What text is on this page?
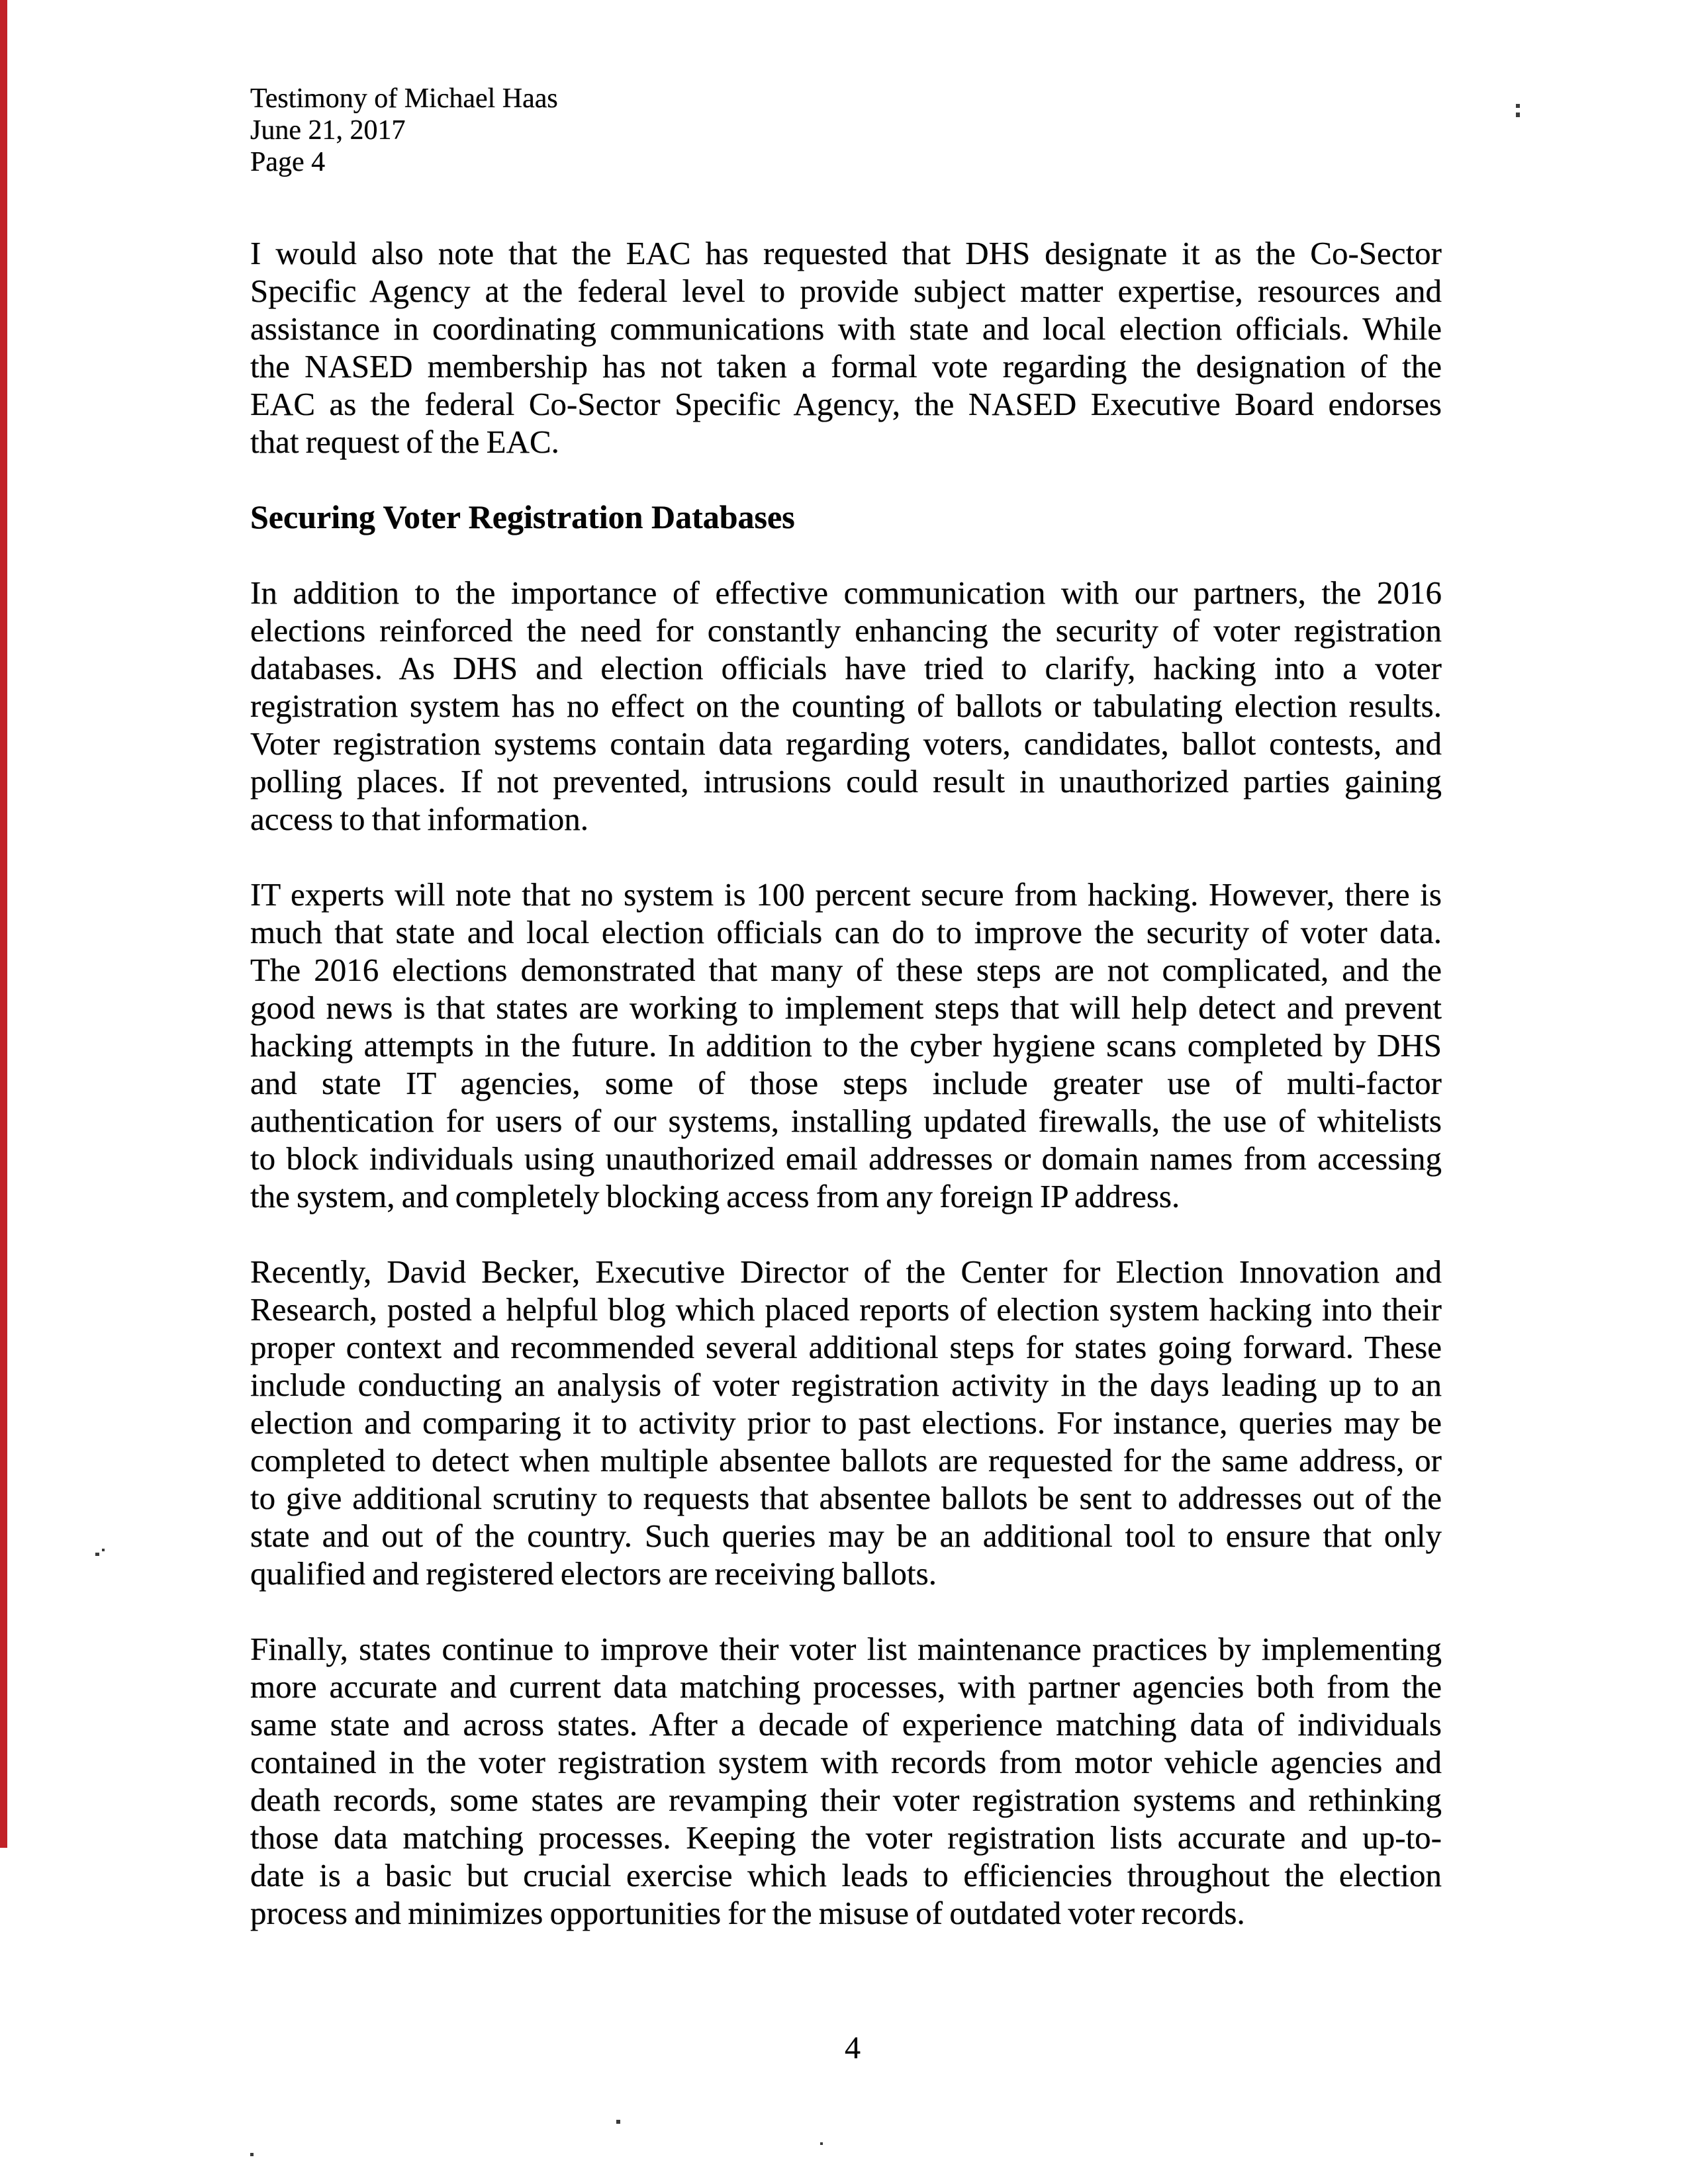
Testimony of Michael Haas
June 21, 2017
Page 4
I would also note that the EAC has requested that DHS designate it as the Co-Sector
Specific Agency at the federal level to provide subject matter expertise, resources and
assistance in coordinating communications with state and local election officials. While
the NASED membership has not taken a formal vote regarding the designation of the
EAC as the federal Co-Sector Specific Agency, the NASED Executive Board endorses
that request of the EAC.
Securing Voter Registration Databases
In addition to the importance of effective communication with our partners, the 2016
elections reinforced the need for constantly enhancing the security of voter registration
databases. As DHS and election officials have tried to clarify, hacking into a voter
registration system has no effect on the counting of ballots or tabulating election results.
Voter registration systems contain data regarding voters, candidates, ballot contests, and
polling places. If not prevented, intrusions could result in unauthorized parties gaining
access to that information.
IT experts will note that no system is 100 percent secure from hacking. However, there is
much that state and local election officials can do to improve the security of voter data.
The 2016 elections demonstrated that many of these steps are not complicated, and the
good news is that states are working to implement steps that will help detect and prevent
hacking attempts in the future. In addition to the cyber hygiene scans completed by DHS
and state IT agencies, some of those steps include greater use of multi-factor
authentication for users of our systems, installing updated firewalls, the use of whitelists
to block individuals using unauthorized email addresses or domain names from accessing
the system, and completely blocking access from any foreign IP address.
Recently, David Becker, Executive Director of the Center for Election Innovation and
Research, posted a helpful blog which placed reports of election system hacking into their
proper context and recommended several additional steps for states going forward. These
include conducting an analysis of voter registration activity in the days leading up to an
election and comparing it to activity prior to past elections. For instance, queries may be
completed to detect when multiple absentee ballots are requested for the same address, or
to give additional scrutiny to requests that absentee ballots be sent to addresses out of the
state and out of the country. Such queries may be an additional tool to ensure that only
qualified and registered electors are receiving ballots.
Finally, states continue to improve their voter list maintenance practices by implementing
more accurate and current data matching processes, with partner agencies both from the
same state and across states. After a decade of experience matching data of individuals
contained in the voter registration system with records from motor vehicle agencies and
death records, some states are revamping their voter registration systems and rethinking
those data matching processes. Keeping the voter registration lists accurate and up-to-
date is a basic but crucial exercise which leads to efficiencies throughout the election
process and minimizes opportunities for the misuse of outdated voter records.
4
